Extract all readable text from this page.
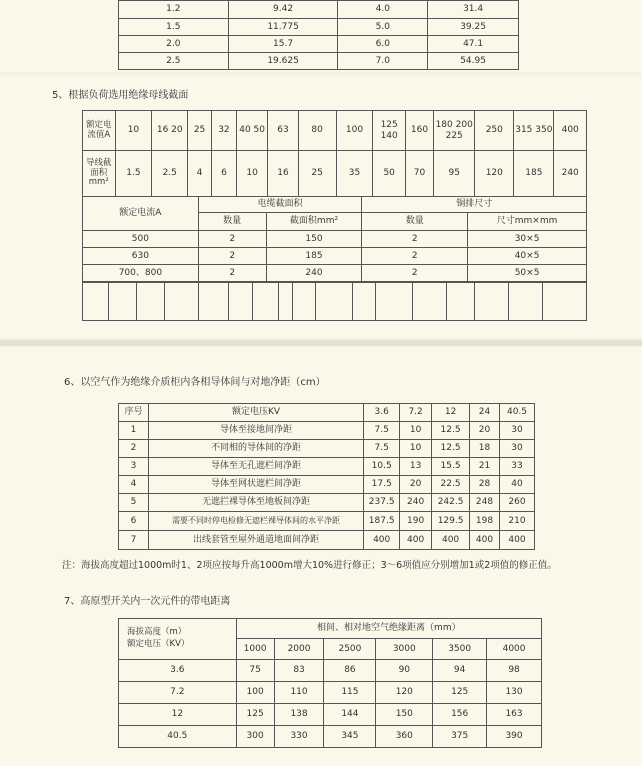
1.2	9.42	4.0	31.4
1.5	11.775	5.0	39.25
2.0	15.7	6.0	47.1
2.5	19.625	7.0	54.95
5、根据负荷选用绝缘母线截面
额定电流值A	10	16 20	25	32	40 50	63	80	100	125 140	160	180 200 225	250	315 350	400
导线截面积mm²	1.5	2.5	4	6	10	16	25	35	50	70	95	120	185	240
额定电流A	电缆截面积		铜排尺寸	
	数量	截面积mm²	数量	尺寸mm×mm
500	2	150	2	30×5
630	2	185	2	40×5
700、800	2	240	2	50×5

6、以空气作为绝缘介质柜内各相导体间与对地净距（cm）
序号	额定电压KV	3.6	7.2	12	24	40.5
1	导体至接地间净距	7.5	10	12.5	20	30
2	不同相的导体间的净距	7.5	10	12.5	18	30
3	导体至无孔遮栏间净距	10.5	13	15.5	21	33
4	导体至网状遮栏间净距	17.5	20	22.5	28	40
5	无遮拦裸导体至地板间净距	237.5	240	242.5	248	260
6	需要不同时停电检修无遮栏裸导体间的水平净距	187.5	190	129.5	198	210
7	出线套管至屋外通道地面间净距	400	400	400	400	400
注：海拔高度超过1000m时1、2项应按每升高1000m增大10%进行修正；3～6项值应分别增加1或2项值的修正值。
7、高原型开关内一次元件的带电距离
海拔高度（m）
额定电压（KV）	相间、相对地空气绝缘距离（mm）					
	1000	2000	2500	3000	3500	4000
3.6	75	83	86	90	94	98
7.2	100	110	115	120	125	130
12	125	138	144	150	156	163
40.5	300	330	345	360	375	390
